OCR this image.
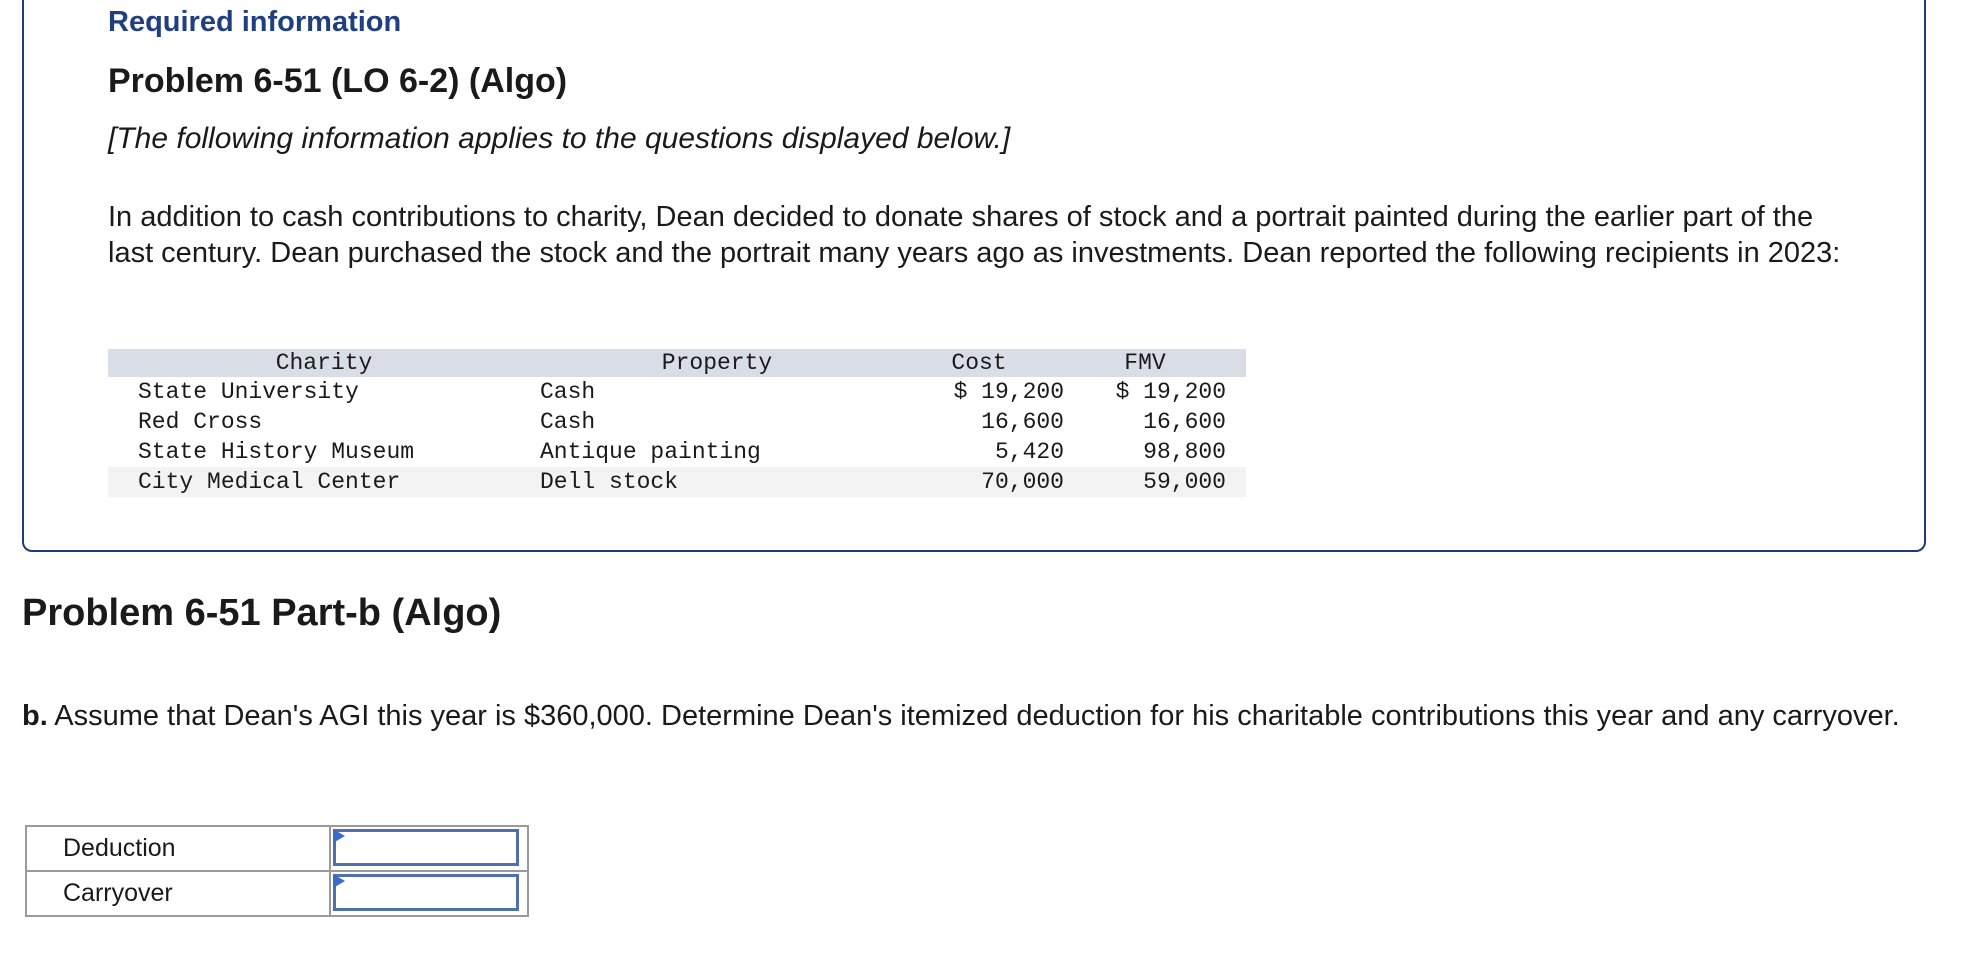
Required information
Problem 6-51 (LO 6-2) (Algo)

[The following information applies to the questions displayed below.]

In addition to cash contributions to charity, Dean decided to donate shares of stock and a portrait painted during the earlier part of the last century. Dean purchased the stock and the portrait many years ago as investments. Dean reported the following recipients in 2023:

Charity	Property	Cost	FMV
State University	Cash	$ 19,200	$ 19,200
Red Cross	Cash	16,600	16,600
State History Museum	Antique painting	5,420	98,800
City Medical Center	Dell stock	70,000	59,000
Problem 6-51 Part-b (Algo)

b. Assume that Dean's AGI this year is $360,000. Determine Dean's itemized deduction for his charitable contributions this year and any carryover.

Deduction	

Carryover	
